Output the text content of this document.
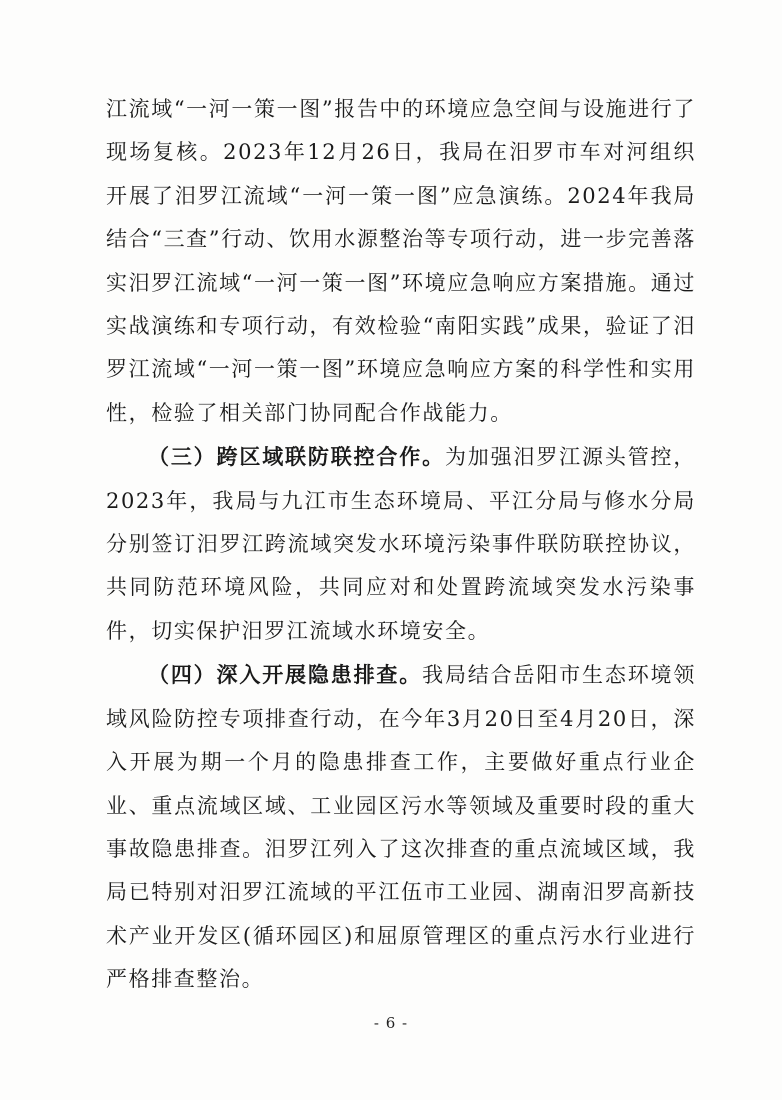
江流域“一河一策一图”报告中的环境应急空间与设施进行了现场复核。2023年12月26日，我局在汨罗市车对河组织开展了汨罗江流域“一河一策一图”应急演练。2024年我局结合“三查”行动、饮用水源整治等专项行动，进一步完善落实汨罗江流域“一河一策一图”环境应急响应方案措施。通过实战演练和专项行动，有效检验“南阳实践”成果，验证了汨罗江流域“一河一策一图”环境应急响应方案的科学性和实用性，检验了相关部门协同配合作战能力。

（三）跨区域联防联控合作。为加强汨罗江源头管控，2023年，我局与九江市生态环境局、平江分局与修水分局分别签订汨罗江跨流域突发水环境污染事件联防联控协议，共同防范环境风险，共同应对和处置跨流域突发水污染事件，切实保护汨罗江流域水环境安全。

（四）深入开展隐患排查。我局结合岳阳市生态环境领域风险防控专项排查行动，在今年3月20日至4月20日，深入开展为期一个月的隐患排查工作，主要做好重点行业企业、重点流域区域、工业园区污水等领域及重要时段的重大事故隐患排查。汨罗江列入了这次排查的重点流域区域，我局已特别对汨罗江流域的平江伍市工业园、湖南汨罗高新技术产业开发区(循环园区)和屈原管理区的重点污水行业进行严格排查整治。

- 6 -
